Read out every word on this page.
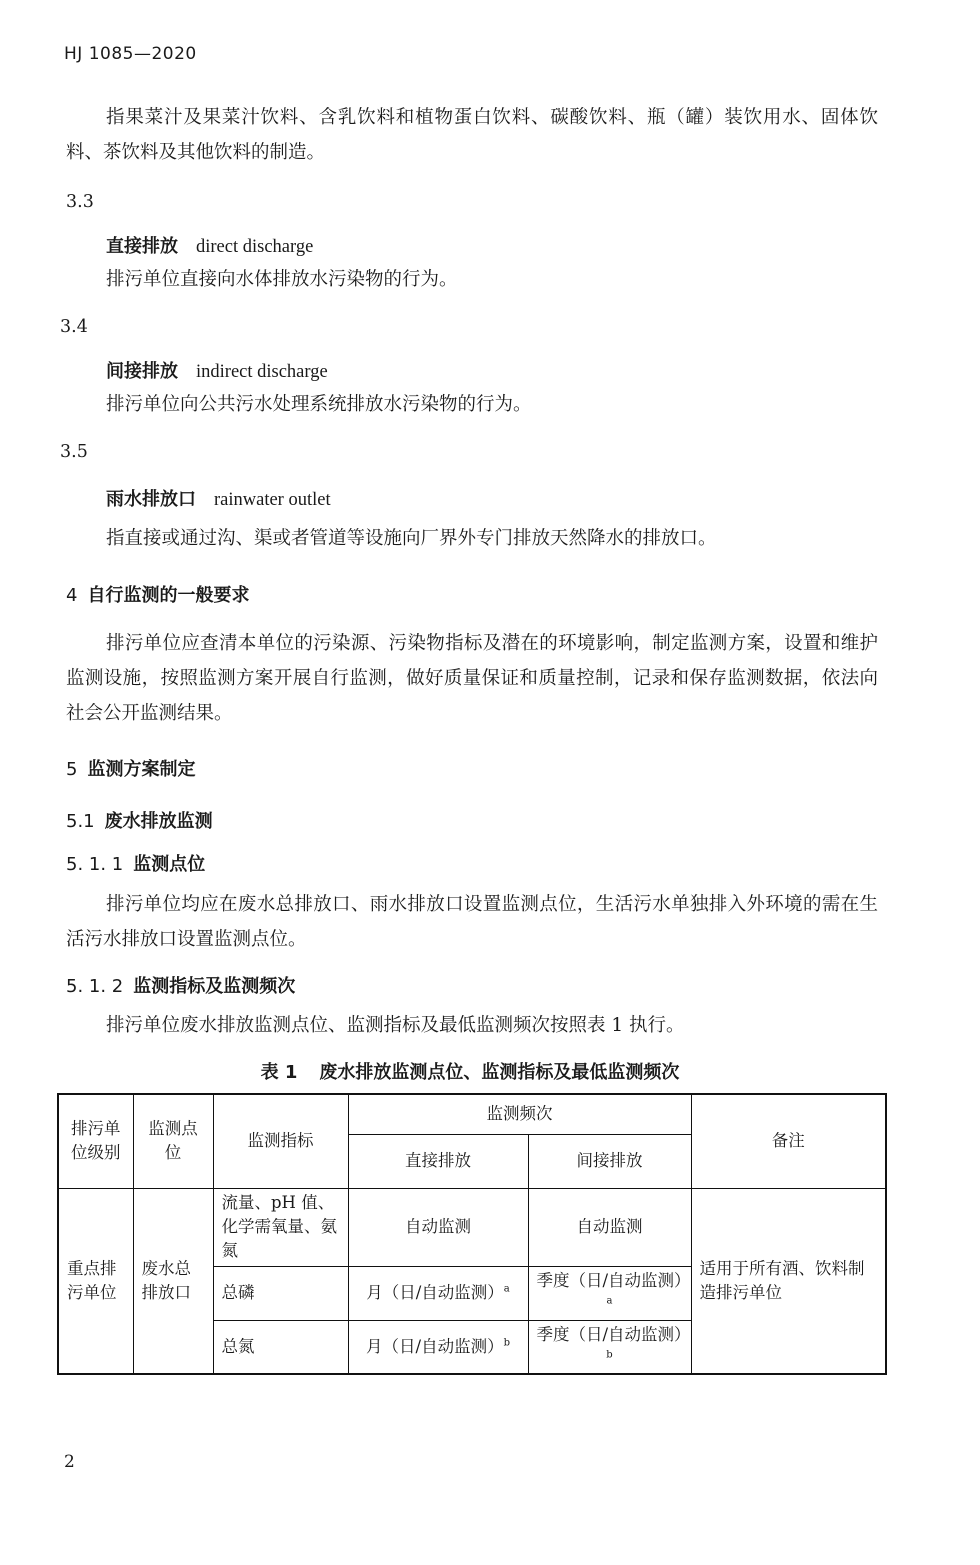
HJ 1085—2020

指果菜汁及果菜汁饮料、含乳饮料和植物蛋白饮料、碳酸饮料、瓶（罐）装饮用水、固体饮料、茶饮料及其他饮料的制造。

3.3
直接排放 direct discharge

排污单位直接向水体排放水污染物的行为。

3.4
间接排放 indirect discharge

排污单位向公共污水处理系统排放水污染物的行为。

3.5
雨水排放口 rainwater outlet

指直接或通过沟、渠或者管道等设施向厂界外专门排放天然降水的排放口。

4 自行监测的一般要求

排污单位应查清本单位的污染源、污染物指标及潜在的环境影响，制定监测方案，设置和维护监测设施，按照监测方案开展自行监测，做好质量保证和质量控制，记录和保存监测数据，依法向社会公开监测结果。

5 监测方案制定
5.1 废水排放监测
5. 1. 1 监测点位

排污单位均应在废水总排放口、雨水排放口设置监测点位，生活污水单独排入外环境的需在生活污水排放口设置监测点位。

5. 1. 2 监测指标及监测频次

排污单位废水排放监测点位、监测指标及最低监测频次按照表 1 执行。

表 1 废水排放监测点位、监测指标及最低监测频次
排污单位级别	监测点位	监测指标	监测频次		备注
			直接排放	间接排放	
重点排污单位	废水总排放口	流量、pH 值、化学需氧量、氨氮	自动监测	自动监测	适用于所有酒、饮料制造排污单位
		总磷	月（日/自动监测）$^a$	季度（日/自动监测）$^a$
		总氮	月（日/自动监测）$^b$	季度（日/自动监测）$^b$
2
